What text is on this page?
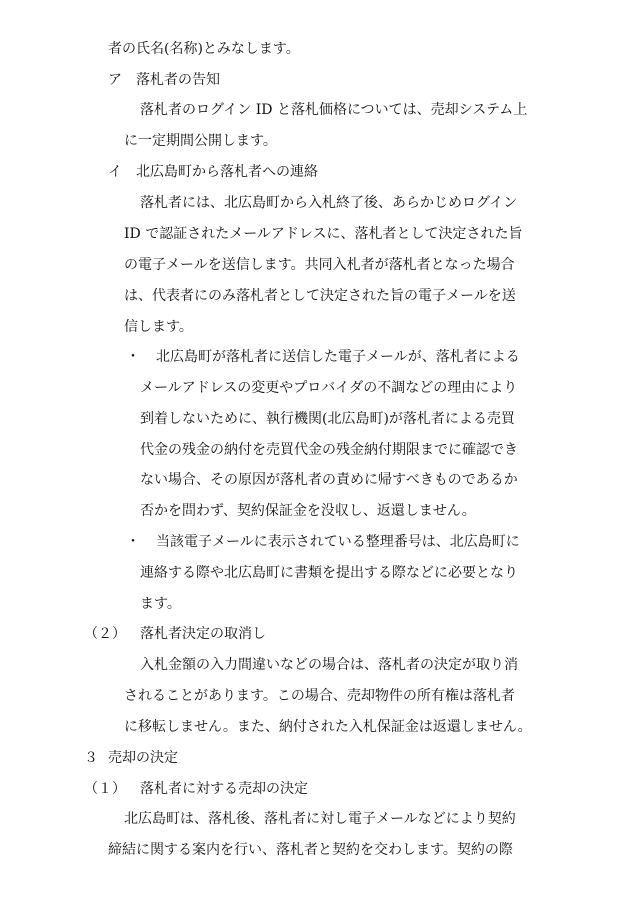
者の氏名(名称)とみなします。
ア　落札者の告知
落札者のログイン ID と落札価格については、売却システム上
に一定期間公開します。
イ　北広島町から落札者への連絡
落札者には、北広島町から入札終了後、あらかじめログイン
ID で認証されたメールアドレスに、落札者として決定された旨
の電子メールを送信します。共同入札者が落札者となった場合
は、代表者にのみ落札者として決定された旨の電子メールを送
信します。
・ 北広島町が落札者に送信した電子メールが、落札者による
メールアドレスの変更やプロバイダの不調などの理由により
到着しないために、執行機関(北広島町)が落札者による売買
代金の残金の納付を売買代金の残金納付期限までに確認でき
ない場合、その原因が落札者の責めに帰すべきものであるか
否かを問わず、契約保証金を没収し、返還しません。
・ 当該電子メールに表示されている整理番号は、北広島町に
連絡する際や北広島町に書類を提出する際などに必要となり
ます。
（２） 落札者決定の取消し
入札金額の入力間違いなどの場合は、落札者の決定が取り消
されることがあります。この場合、売却物件の所有権は落札者
に移転しません。また、納付された入札保証金は返還しません。
３ 売却の決定
（１） 落札者に対する売却の決定
北広島町は、落札後、落札者に対し電子メールなどにより契約
締結に関する案内を行い、落札者と契約を交わします。契約の際
